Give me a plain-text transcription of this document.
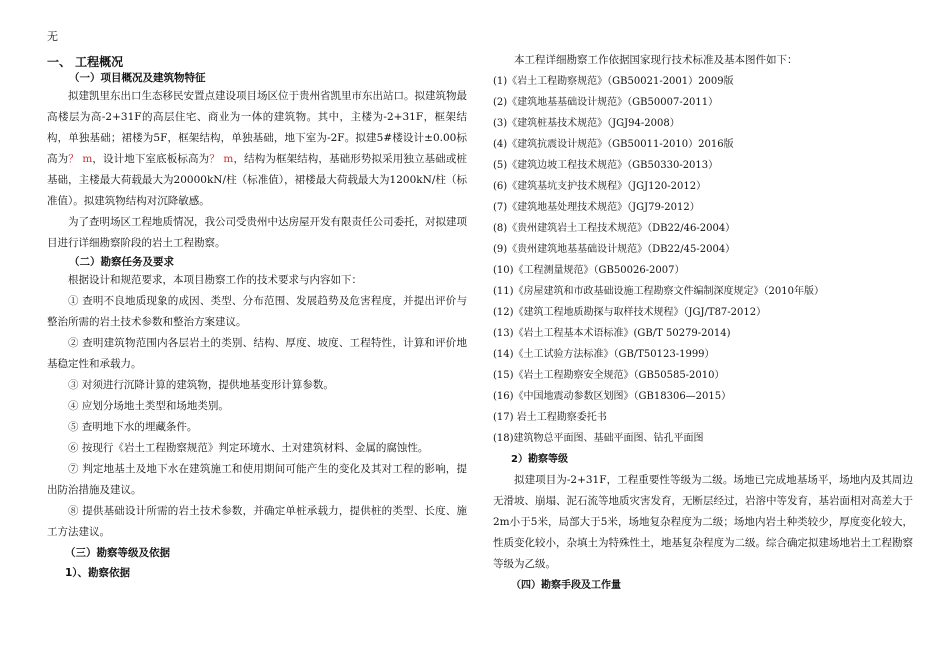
无
一、 工程概况
（一）项目概况及建筑物特征

拟建凯里东出口生态移民安置点建设项目场区位于贵州省凯里市东出站口。拟建筑物最高楼层为高-2+31F的高层住宅、商业为一体的建筑物。其中，主楼为-2+31F，框架结构，单独基础；裙楼为5F，框架结构，单独基础，地下室为-2F。拟建5#楼设计±0.00标高为？ m，设计地下室底板标高为？ m，结构为框架结构，基础形势拟采用独立基础或桩基础，主楼最大荷载最大为20000kN/柱（标准值），裙楼最大荷载最大为1200kN/柱（标准值）。拟建筑物结构对沉降敏感。

为了查明场区工程地质情况，我公司受贵州中达房屋开发有限责任公司委托，对拟建项目进行详细勘察阶段的岩土工程勘察。

（二）勘察任务及要求

根据设计和规范要求，本项目勘察工作的技术要求与内容如下：

① 查明不良地质现象的成因、类型、分布范围、发展趋势及危害程度，并提出评价与整治所需的岩土技术参数和整治方案建议。

② 查明建筑物范围内各层岩土的类别、结构、厚度、坡度、工程特性，计算和评价地基稳定性和承载力。

③ 对须进行沉降计算的建筑物，提供地基变形计算参数。

④ 应划分场地土类型和场地类别。

⑤ 查明地下水的埋藏条件。

⑥ 按现行《岩土工程勘察规范》判定环境水、土对建筑材料、金属的腐蚀性。

⑦ 判定地基土及地下水在建筑施工和使用期间可能产生的变化及其对工程的影响，提出防治措施及建议。

⑧ 提供基础设计所需的岩土技术参数，并确定单桩承载力，提供桩的类型、长度、施工方法建议。

（三）勘察等级及依据
1）、勘察依据

本工程详细勘察工作依据国家现行技术标准及基本图件如下：

(1)《岩土工程勘察规范》（GB50021-2001）2009版
(2)《建筑地基基础设计规范》（GB50007-2011）
(3)《建筑桩基技术规范》（JGJ94-2008）
(4)《建筑抗震设计规范》（GB50011-2010）2016版
(5)《建筑边坡工程技术规范》（GB50330-2013）
(6)《建筑基坑支护技术规程》（JGJ120-2012）
(7)《建筑地基处理技术规范》（JGJ79-2012）
(8)《贵州建筑岩土工程技术规范》（DB22/46-2004）
(9)《贵州建筑地基基础设计规范》（DB22/45-2004）
(10)《工程测量规范》（GB50026-2007）
(11)《房屋建筑和市政基础设施工程勘察文件编制深度规定》（2010年版）
(12)《建筑工程地质勘探与取样技术规程》（JGJ/T87-2012）
(13)《岩土工程基本术语标准》(GB/T 50279-2014)
(14)《土工试验方法标准》（GB/T50123-1999）
(15)《岩土工程勘察安全规范》（GB50585-2010）
(16)《中国地震动参数区划图》（GB18306—2015）
(17) 岩土工程勘察委托书
(18)建筑物总平面图、基础平面图、钻孔平面图
2）勘察等级

拟建项目为-2+31F，工程重要性等级为二级。场地已完成地基场平，场地内及其周边无滑坡、崩塌、泥石流等地质灾害发育，无断层经过，岩溶中等发育，基岩面相对高差大于2m小于5米，局部大于5米，场地复杂程度为二级；场地内岩土种类较少，厚度变化较大，性质变化较小，杂填土为特殊性土，地基复杂程度为二级。综合确定拟建场地岩土工程勘察等级为乙级。

（四）勘察手段及工作量
